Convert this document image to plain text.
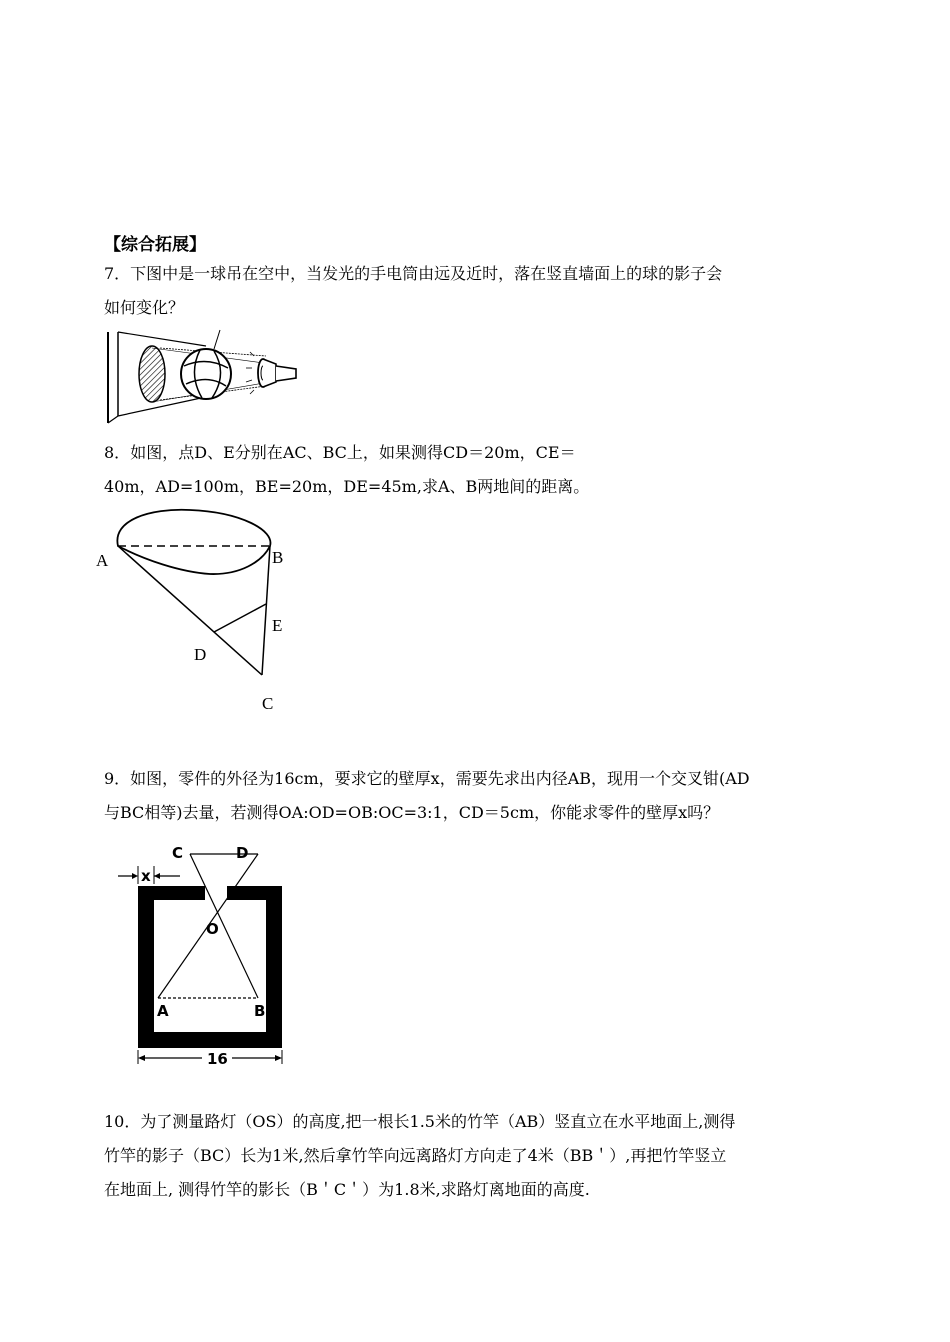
【综合拓展】
7．下图中是一球吊在空中，当发光的手电筒由远及近时，落在竖直墙面上的球的影子会
如何变化？
8．如图，点D、E分别在AC、BC上，如果测得CD＝20m，CE＝
40m，AD=100m，BE=20m，DE=45m,求A、B两地间的距离。
A	B
E
D
C
9．如图，零件的外径为16cm，要求它的壁厚x，需要先求出内径AB，现用一个交叉钳(AD
与BC相等)去量，若测得OA:OD=OB:OC=3:1，CD＝5cm，你能求零件的壁厚x吗？
C	D
x
O
A	B
16
10．为了测量路灯（OS）的高度,把一根长1.5米的竹竿（AB）竖直立在水平地面上,测得
竹竿的影子（BC）长为1米,然后拿竹竿向远离路灯方向走了4米（BB＇）,再把竹竿竖立
在地面上, 测得竹竿的影长（B＇C＇）为1.8米,求路灯离地面的高度.
